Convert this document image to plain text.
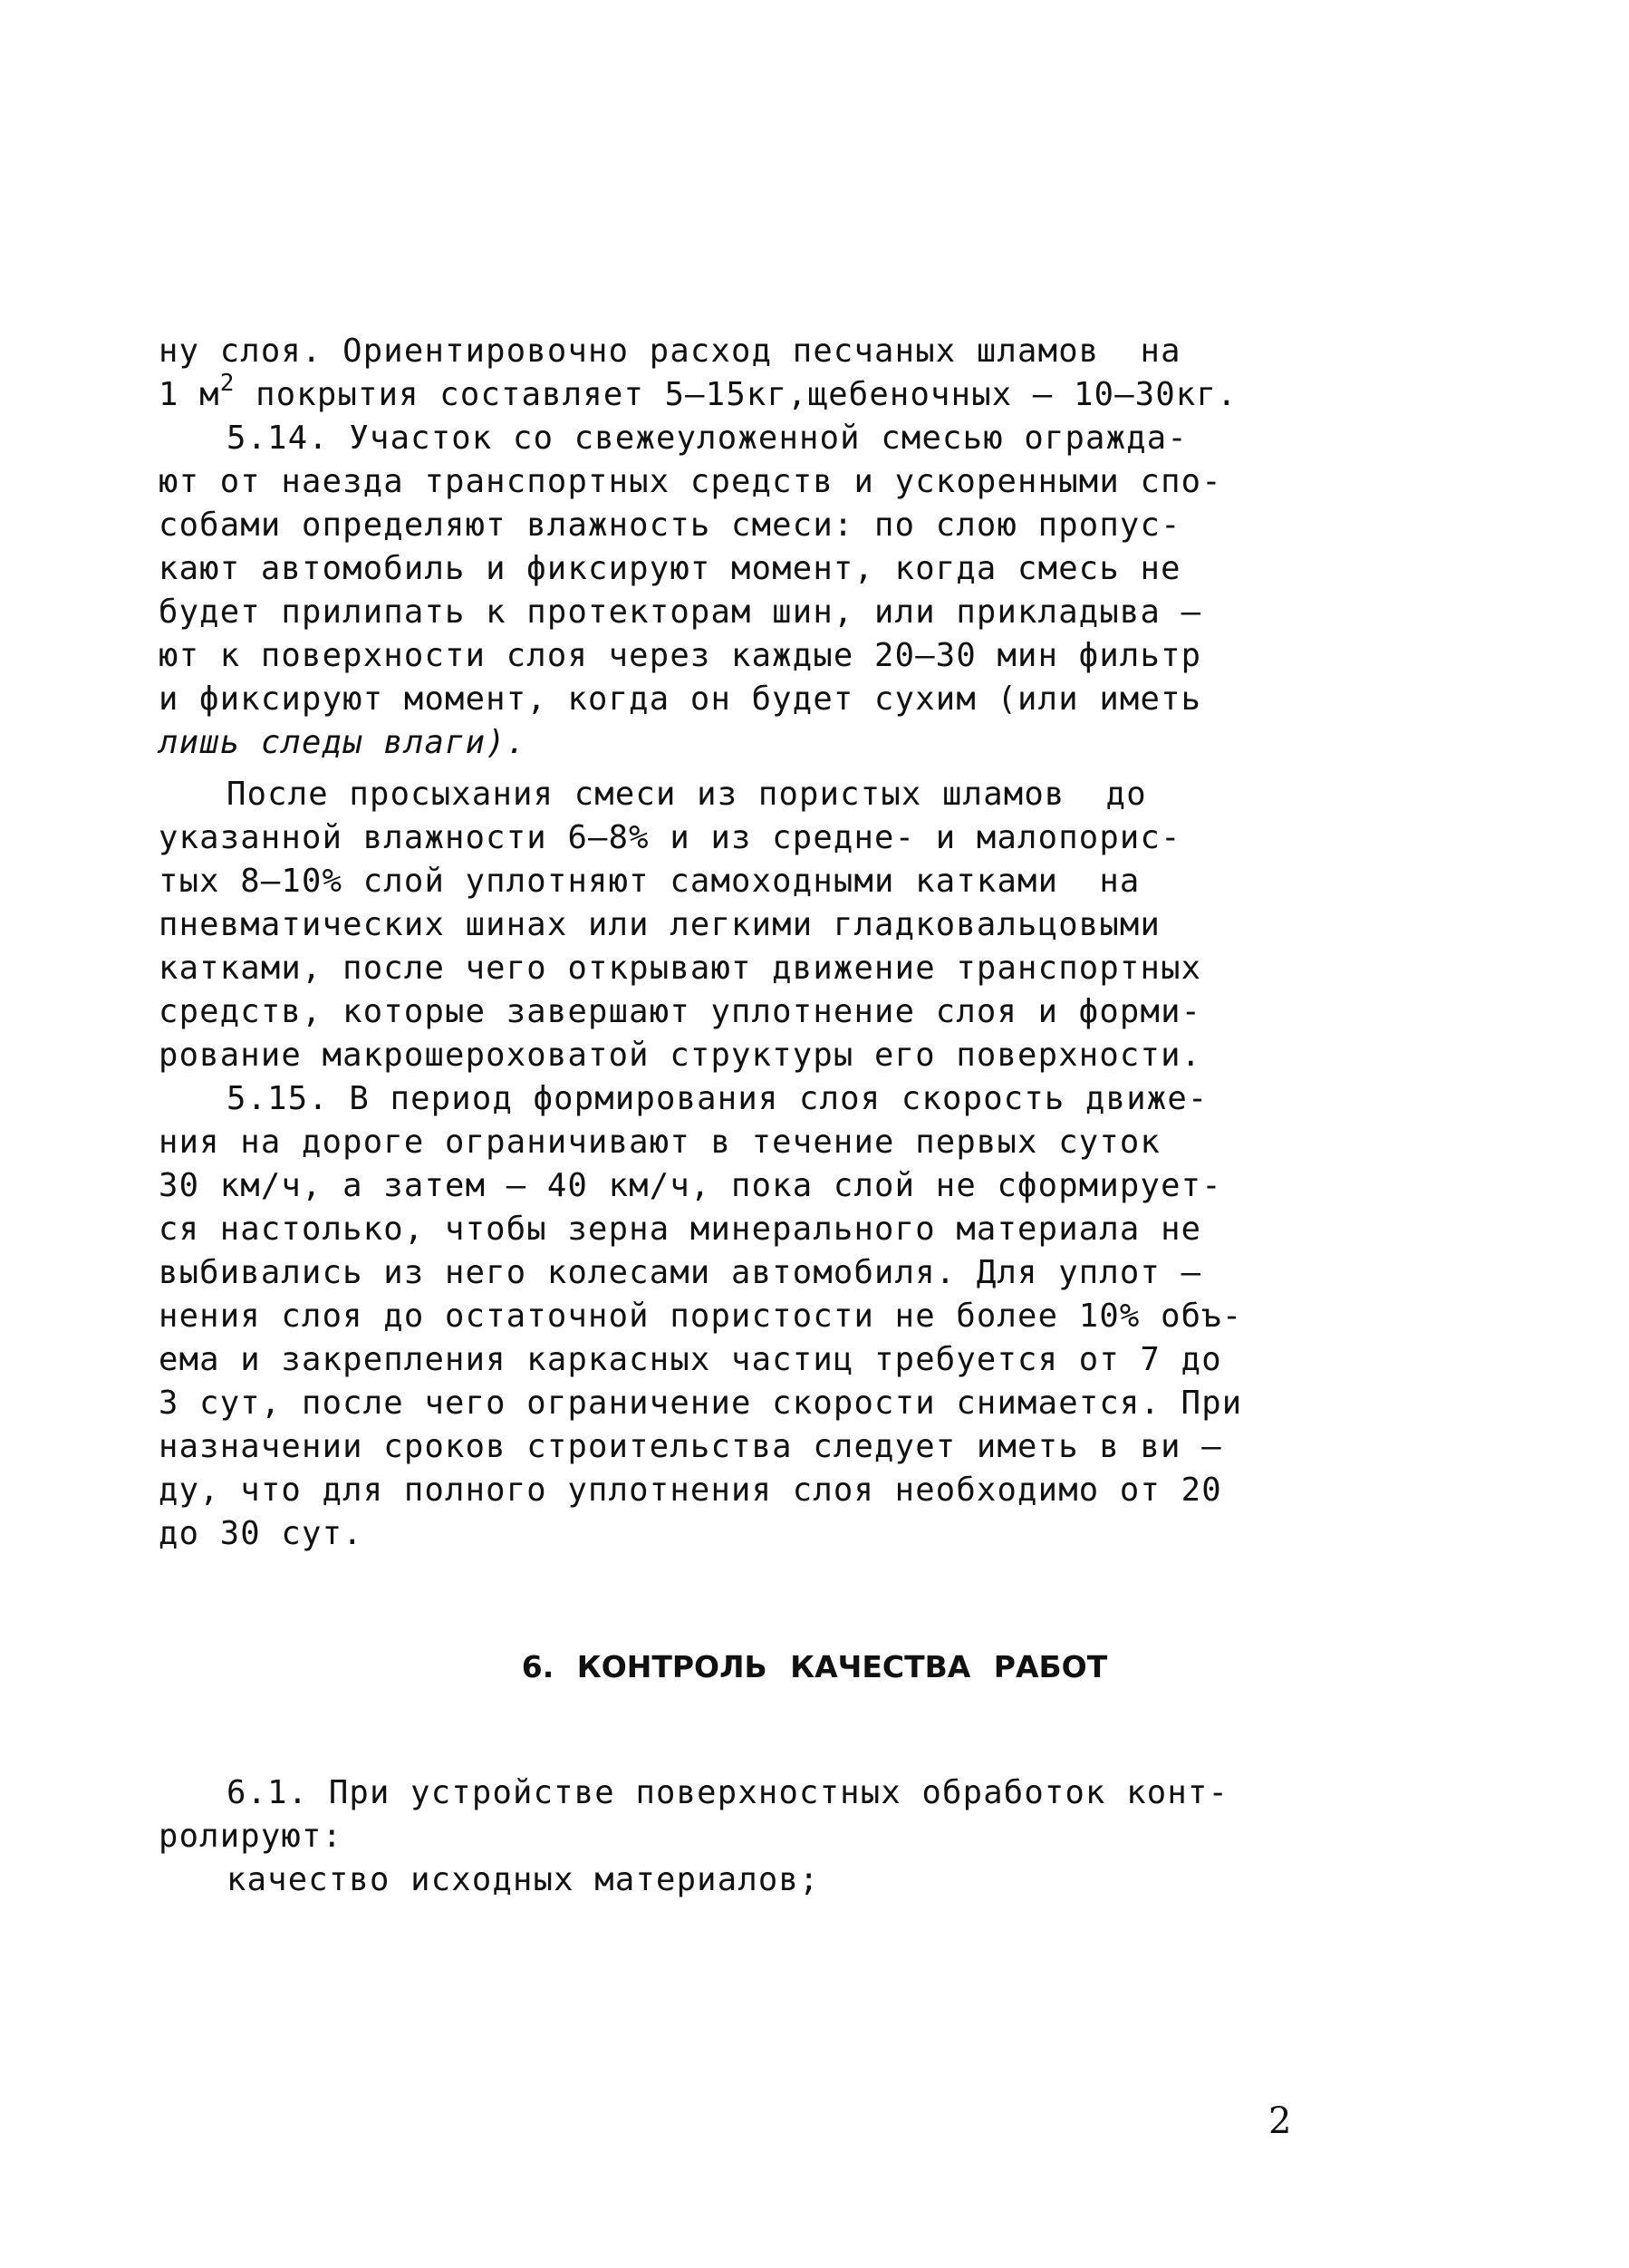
ну слоя. Ориентировочно расход песчаных шламов  на
1 $м^2$ покрытия составляет 5–15кг,щебеночных – 10–30кг.
5.14. Участок со свежеуложенной смесью огражда-
ют от наезда транспортных средств и ускоренными спо-
собами определяют влажность смеси: по слою пропус-
кают автомобиль и фиксируют момент, когда смесь не
будет прилипать к протекторам шин, или прикладыва –
ют к поверхности слоя через каждые 20–30 мин фильтр
и фиксируют момент, когда он будет сухим (или иметь
лишь следы влаги).
После просыхания смеси из пористых шламов  до
указанной влажности 6–8% и из средне- и малопорис-
тых 8–10% слой уплотняют самоходными катками  на
пневматических шинах или легкими гладковальцовыми
катками, после чего открывают движение транспортных
средств, которые завершают уплотнение слоя и форми-
рование макрошероховатой структуры его поверхности.
5.15. В период формирования слоя скорость движе-
ния на дороге ограничивают в течение первых суток
30 км/ч, а затем – 40 км/ч, пока слой не сформирует-
ся настолько, чтобы зерна минерального материала не
выбивались из него колесами автомобиля. Для уплот –
нения слоя до остаточной пористости не более 10% объ-
ема и закрепления каркасных частиц требуется от 7 до
3 сут, после чего ограничение скорости снимается. При
назначении сроков строительства следует иметь в ви –
ду, что для полного уплотнения слоя необходимо от 20
до 30 сут.
6. КОНТРОЛЬ КАЧЕСТВА РАБОТ
6.1. При устройстве поверхностных обработок конт-
ролируют:
качество исходных материалов;
2
